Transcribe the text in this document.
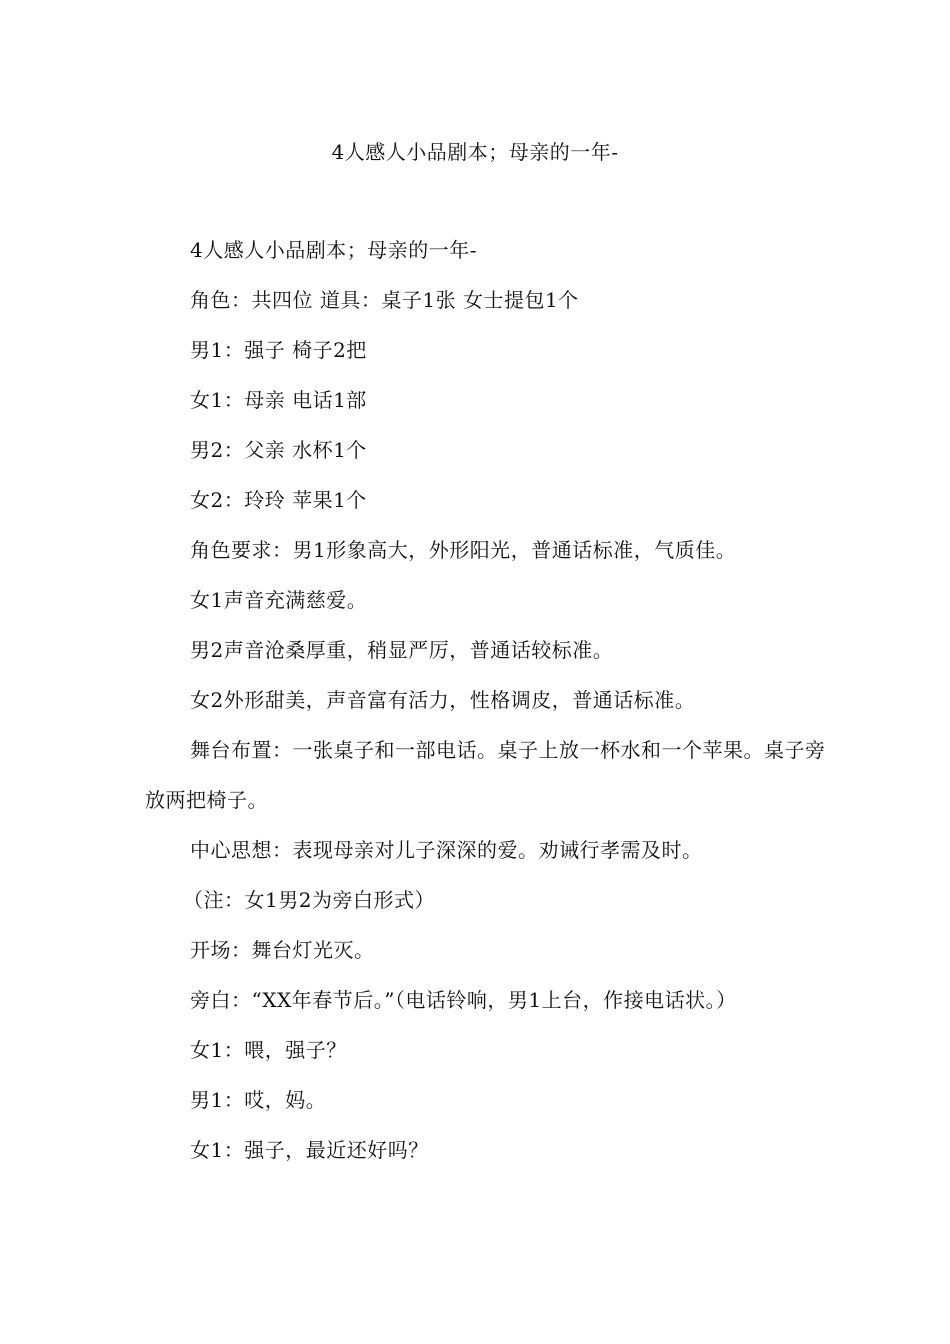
4人感人小品剧本；母亲的一年-

4人感人小品剧本；母亲的一年-

角色：共四位 道具：桌子1张 女士提包1个

男1：强子 椅子2把

女1：母亲 电话1部

男2：父亲 水杯1个

女2：玲玲 苹果1个

角色要求：男1形象高大，外形阳光，普通话标准，气质佳。

女1声音充满慈爱。

男2声音沧桑厚重，稍显严厉，普通话较标准。

女2外形甜美，声音富有活力，性格调皮，普通话标准。

舞台布置：一张桌子和一部电话。桌子上放一杯水和一个苹果。桌子旁放两把椅子。

中心思想：表现母亲对儿子深深的爱。劝诫行孝需及时。

（注：女1男2为旁白形式）

开场：舞台灯光灭。

旁白：“XX年春节后。”（电话铃响，男1上台，作接电话状。）

女1：喂，强子？

男1：哎，妈。

女1：强子，最近还好吗？
